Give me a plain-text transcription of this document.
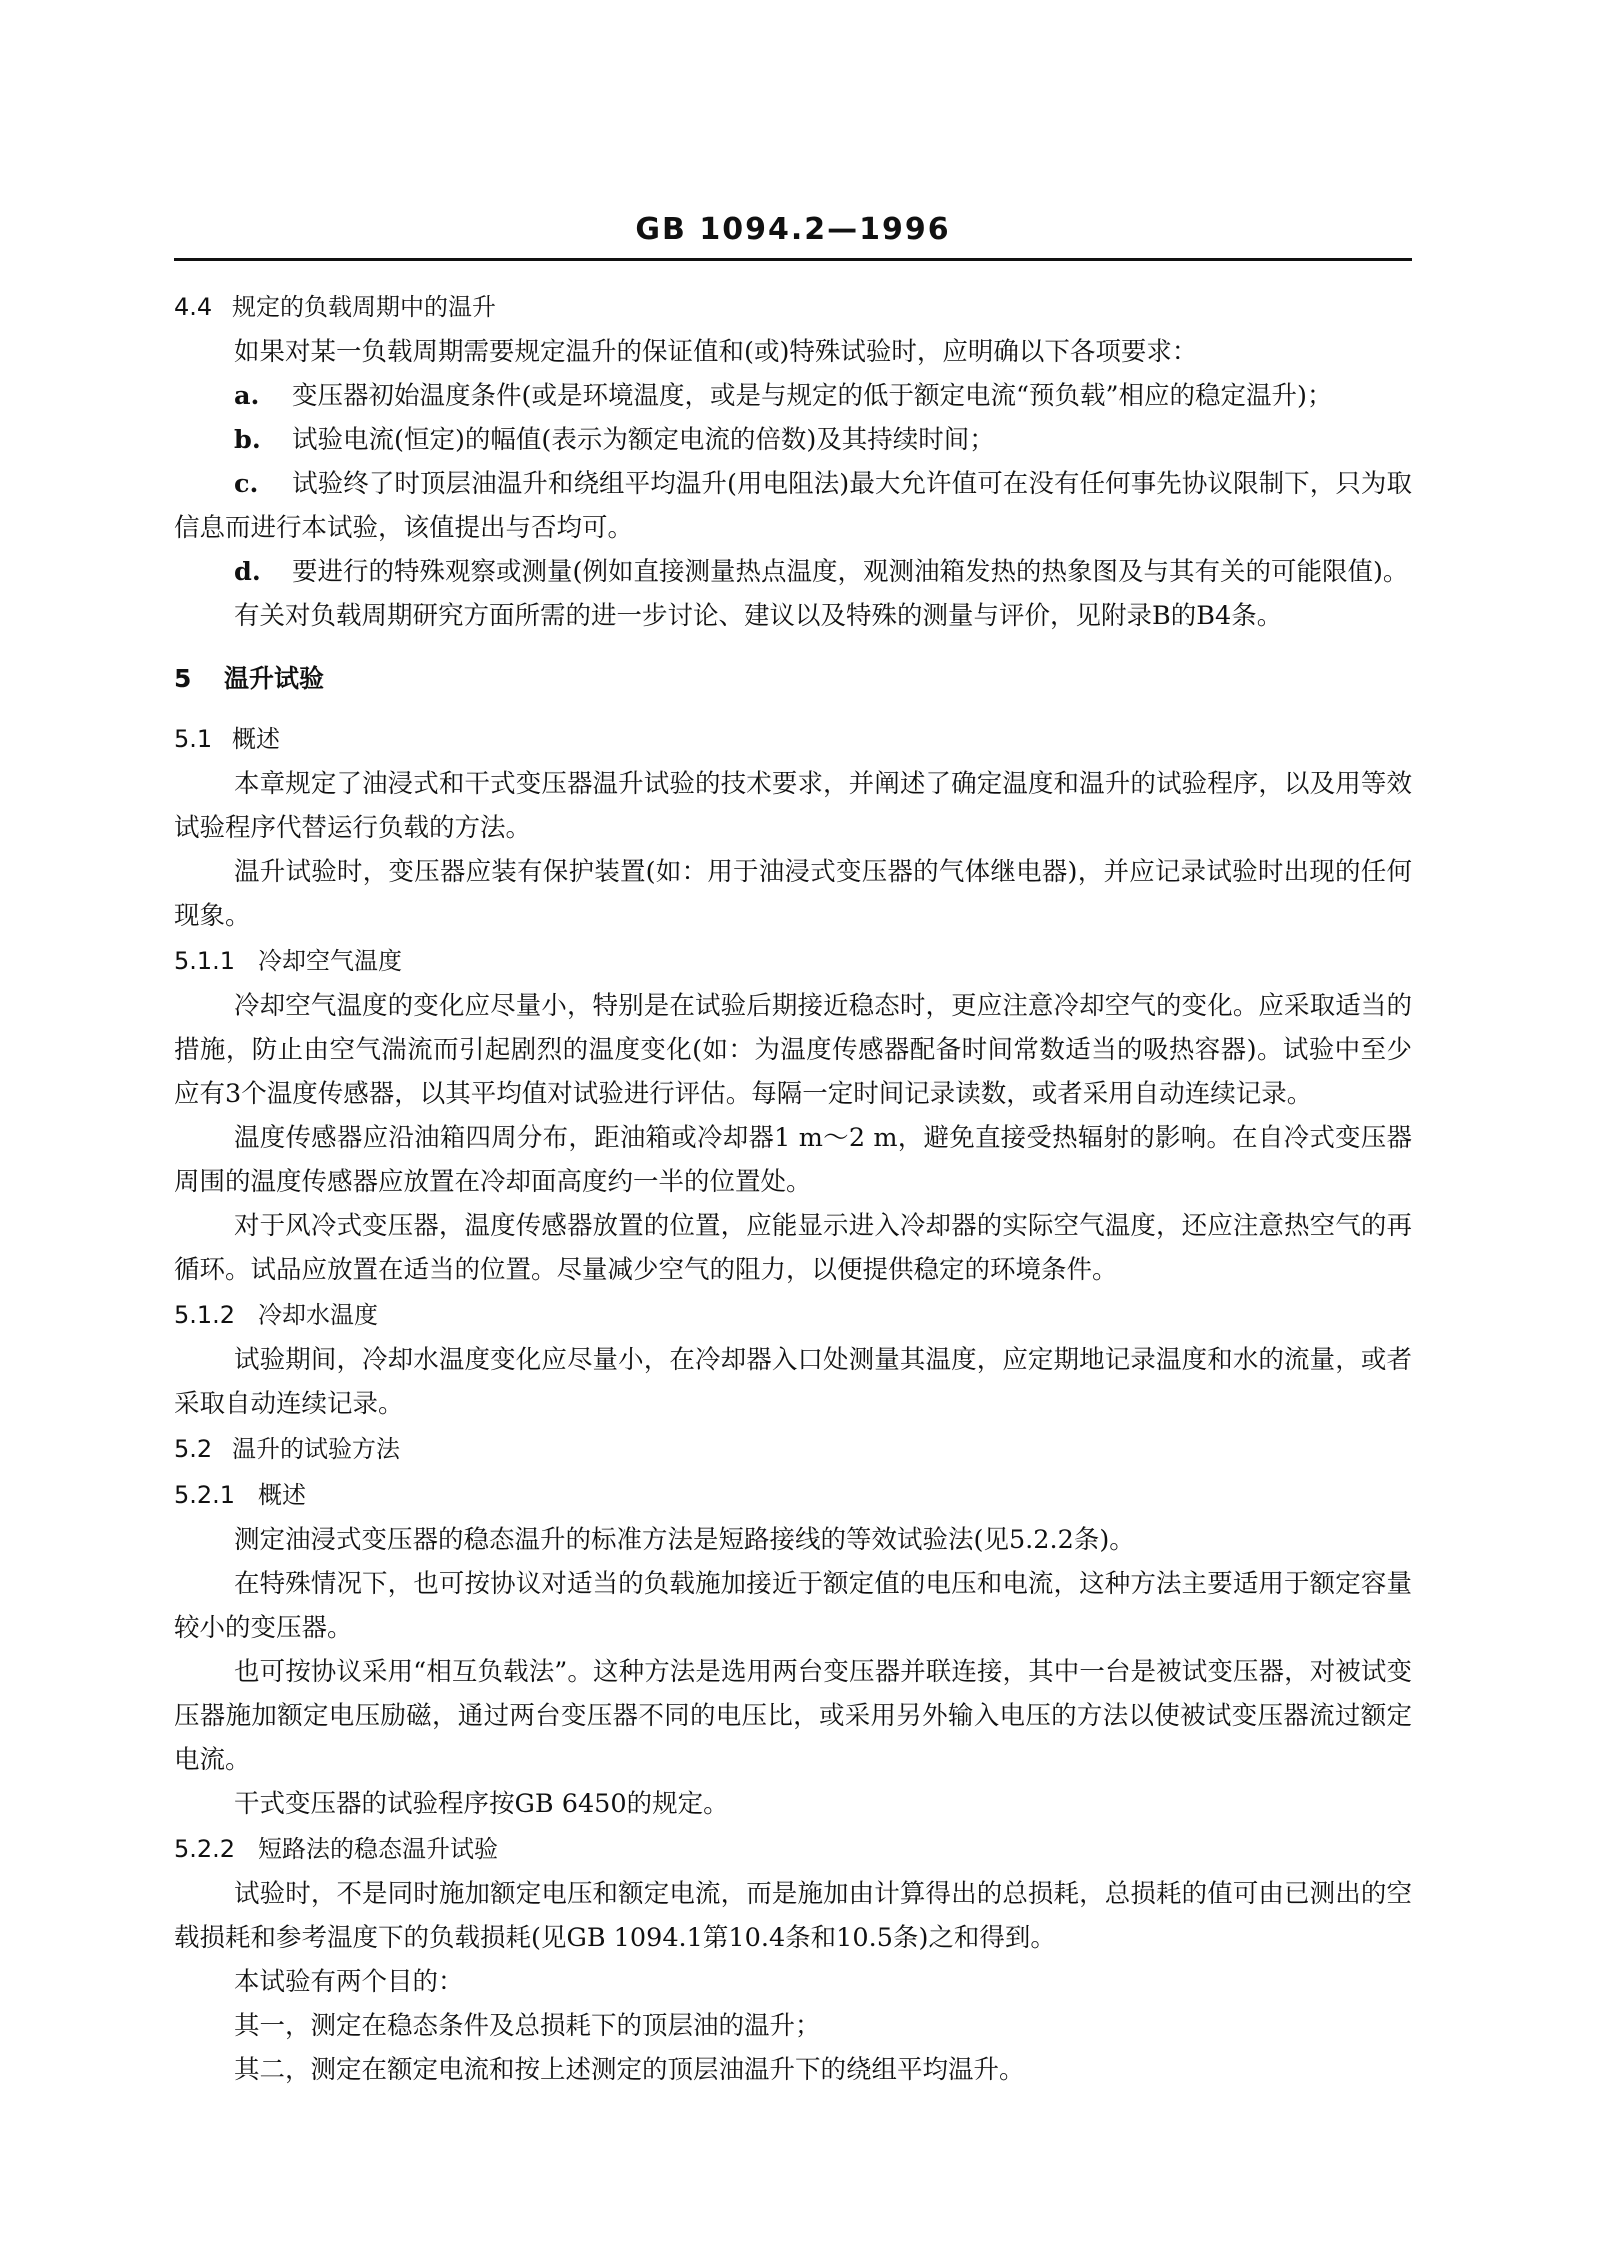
GB 1094.2—1996
4.4 规定的负载周期中的温升
如果对某一负载周期需要规定温升的保证值和(或)特殊试验时，应明确以下各项要求：
a. 变压器初始温度条件(或是环境温度，或是与规定的低于额定电流“预负载”相应的稳定温升)；
b. 试验电流(恒定)的幅值(表示为额定电流的倍数)及其持续时间；
c. 试验终了时顶层油温升和绕组平均温升(用电阻法)最大允许值可在没有任何事先协议限制下，只为取信息而进行本试验，该值提出与否均可。
d. 要进行的特殊观察或测量(例如直接测量热点温度，观测油箱发热的热象图及与其有关的可能限值)。
有关对负载周期研究方面所需的进一步讨论、建议以及特殊的测量与评价，见附录B的B4条。
5 温升试验
5.1 概述
本章规定了油浸式和干式变压器温升试验的技术要求，并阐述了确定温度和温升的试验程序，以及用等效试验程序代替运行负载的方法。
温升试验时，变压器应装有保护装置(如：用于油浸式变压器的气体继电器)，并应记录试验时出现的任何现象。
5.1.1 冷却空气温度
冷却空气温度的变化应尽量小，特别是在试验后期接近稳态时，更应注意冷却空气的变化。应采取适当的措施，防止由空气湍流而引起剧烈的温度变化(如：为温度传感器配备时间常数适当的吸热容器)。试验中至少应有3个温度传感器，以其平均值对试验进行评估。每隔一定时间记录读数，或者采用自动连续记录。
温度传感器应沿油箱四周分布，距油箱或冷却器1 m～2 m，避免直接受热辐射的影响。在自冷式变压器周围的温度传感器应放置在冷却面高度约一半的位置处。
对于风冷式变压器，温度传感器放置的位置，应能显示进入冷却器的实际空气温度，还应注意热空气的再循环。试品应放置在适当的位置。尽量减少空气的阻力，以便提供稳定的环境条件。
5.1.2 冷却水温度
试验期间，冷却水温度变化应尽量小，在冷却器入口处测量其温度，应定期地记录温度和水的流量，或者采取自动连续记录。
5.2 温升的试验方法
5.2.1 概述
测定油浸式变压器的稳态温升的标准方法是短路接线的等效试验法(见5.2.2条)。
在特殊情况下，也可按协议对适当的负载施加接近于额定值的电压和电流，这种方法主要适用于额定容量较小的变压器。
也可按协议采用“相互负载法”。这种方法是选用两台变压器并联连接，其中一台是被试变压器，对被试变压器施加额定电压励磁，通过两台变压器不同的电压比，或采用另外输入电压的方法以使被试变压器流过额定电流。
干式变压器的试验程序按GB 6450的规定。
5.2.2 短路法的稳态温升试验
试验时，不是同时施加额定电压和额定电流，而是施加由计算得出的总损耗，总损耗的值可由已测出的空载损耗和参考温度下的负载损耗(见GB 1094.1第10.4条和10.5条)之和得到。
本试验有两个目的：
其一，测定在稳态条件及总损耗下的顶层油的温升；
其二，测定在额定电流和按上述测定的顶层油温升下的绕组平均温升。
